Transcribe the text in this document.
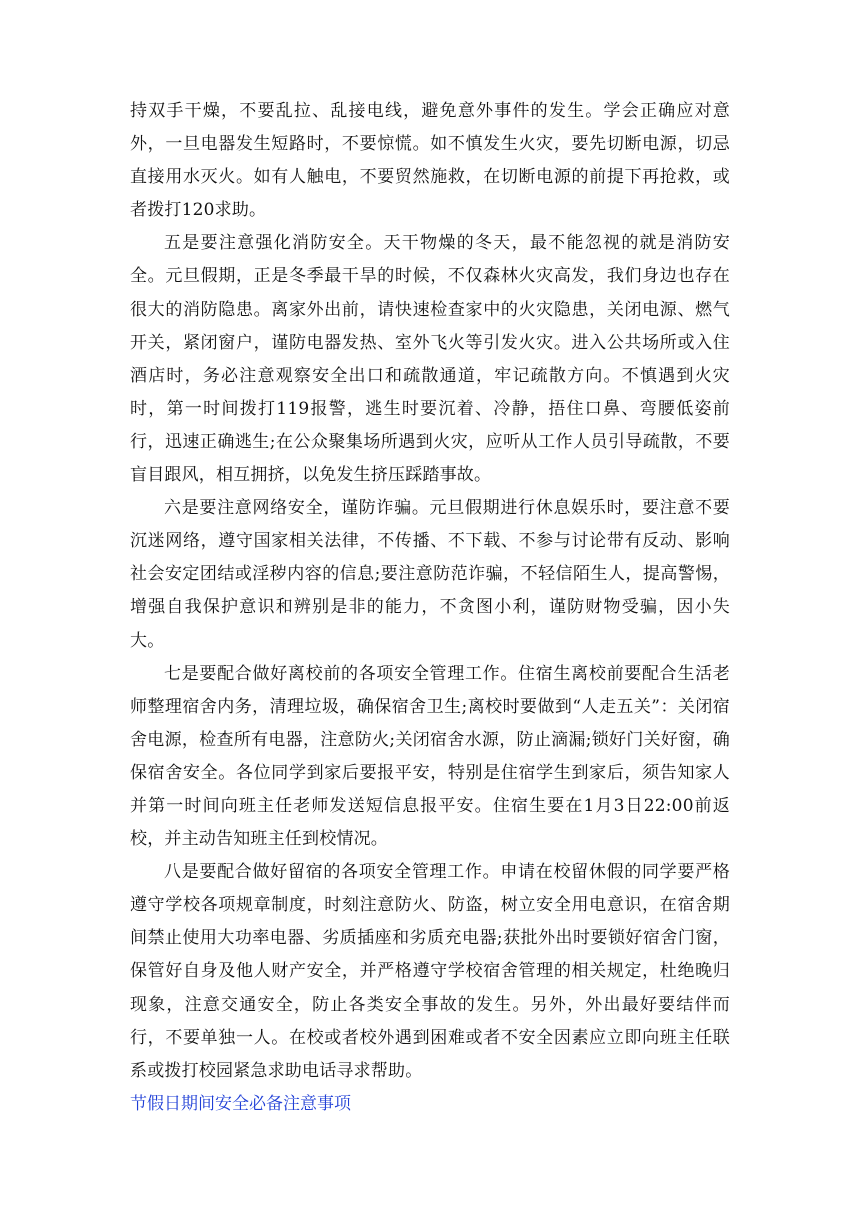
持双手干燥，不要乱拉、乱接电线，避免意外事件的发生。学会正确应对意外，一旦电器发生短路时，不要惊慌。如不慎发生火灾，要先切断电源，切忌直接用水灭火。如有人触电，不要贸然施救，在切断电源的前提下再抢救，或者拨打120求助。

五是要注意强化消防安全。天干物燥的冬天，最不能忽视的就是消防安全。元旦假期，正是冬季最干旱的时候，不仅森林火灾高发，我们身边也存在很大的消防隐患。离家外出前，请快速检查家中的火灾隐患，关闭电源、燃气开关，紧闭窗户，谨防电器发热、室外飞火等引发火灾。进入公共场所或入住酒店时，务必注意观察安全出口和疏散通道，牢记疏散方向。不慎遇到火灾时，第一时间拨打119报警，逃生时要沉着、冷静，捂住口鼻、弯腰低姿前行，迅速正确逃生;在公众聚集场所遇到火灾，应听从工作人员引导疏散，不要盲目跟风，相互拥挤，以免发生挤压踩踏事故。

六是要注意网络安全，谨防诈骗。元旦假期进行休息娱乐时，要注意不要沉迷网络，遵守国家相关法律，不传播、不下载、不参与讨论带有反动、影响社会安定团结或淫秽内容的信息;要注意防范诈骗，不轻信陌生人，提高警惕，增强自我保护意识和辨别是非的能力，不贪图小利，谨防财物受骗，因小失大。

七是要配合做好离校前的各项安全管理工作。住宿生离校前要配合生活老师整理宿舍内务，清理垃圾，确保宿舍卫生;离校时要做到“人走五关”：关闭宿舍电源，检查所有电器，注意防火;关闭宿舍水源，防止滴漏;锁好门关好窗，确保宿舍安全。各位同学到家后要报平安，特别是住宿学生到家后，须告知家人并第一时间向班主任老师发送短信息报平安。住宿生要在1月3日22:00前返校，并主动告知班主任到校情况。

八是要配合做好留宿的各项安全管理工作。申请在校留休假的同学要严格遵守学校各项规章制度，时刻注意防火、防盗，树立安全用电意识，在宿舍期间禁止使用大功率电器、劣质插座和劣质充电器;获批外出时要锁好宿舍门窗，保管好自身及他人财产安全，并严格遵守学校宿舍管理的相关规定，杜绝晚归现象，注意交通安全，防止各类安全事故的发生。另外，外出最好要结伴而行，不要单独一人。在校或者校外遇到困难或者不安全因素应立即向班主任联系或拨打校园紧急求助电话寻求帮助。

节假日期间安全必备注意事项
